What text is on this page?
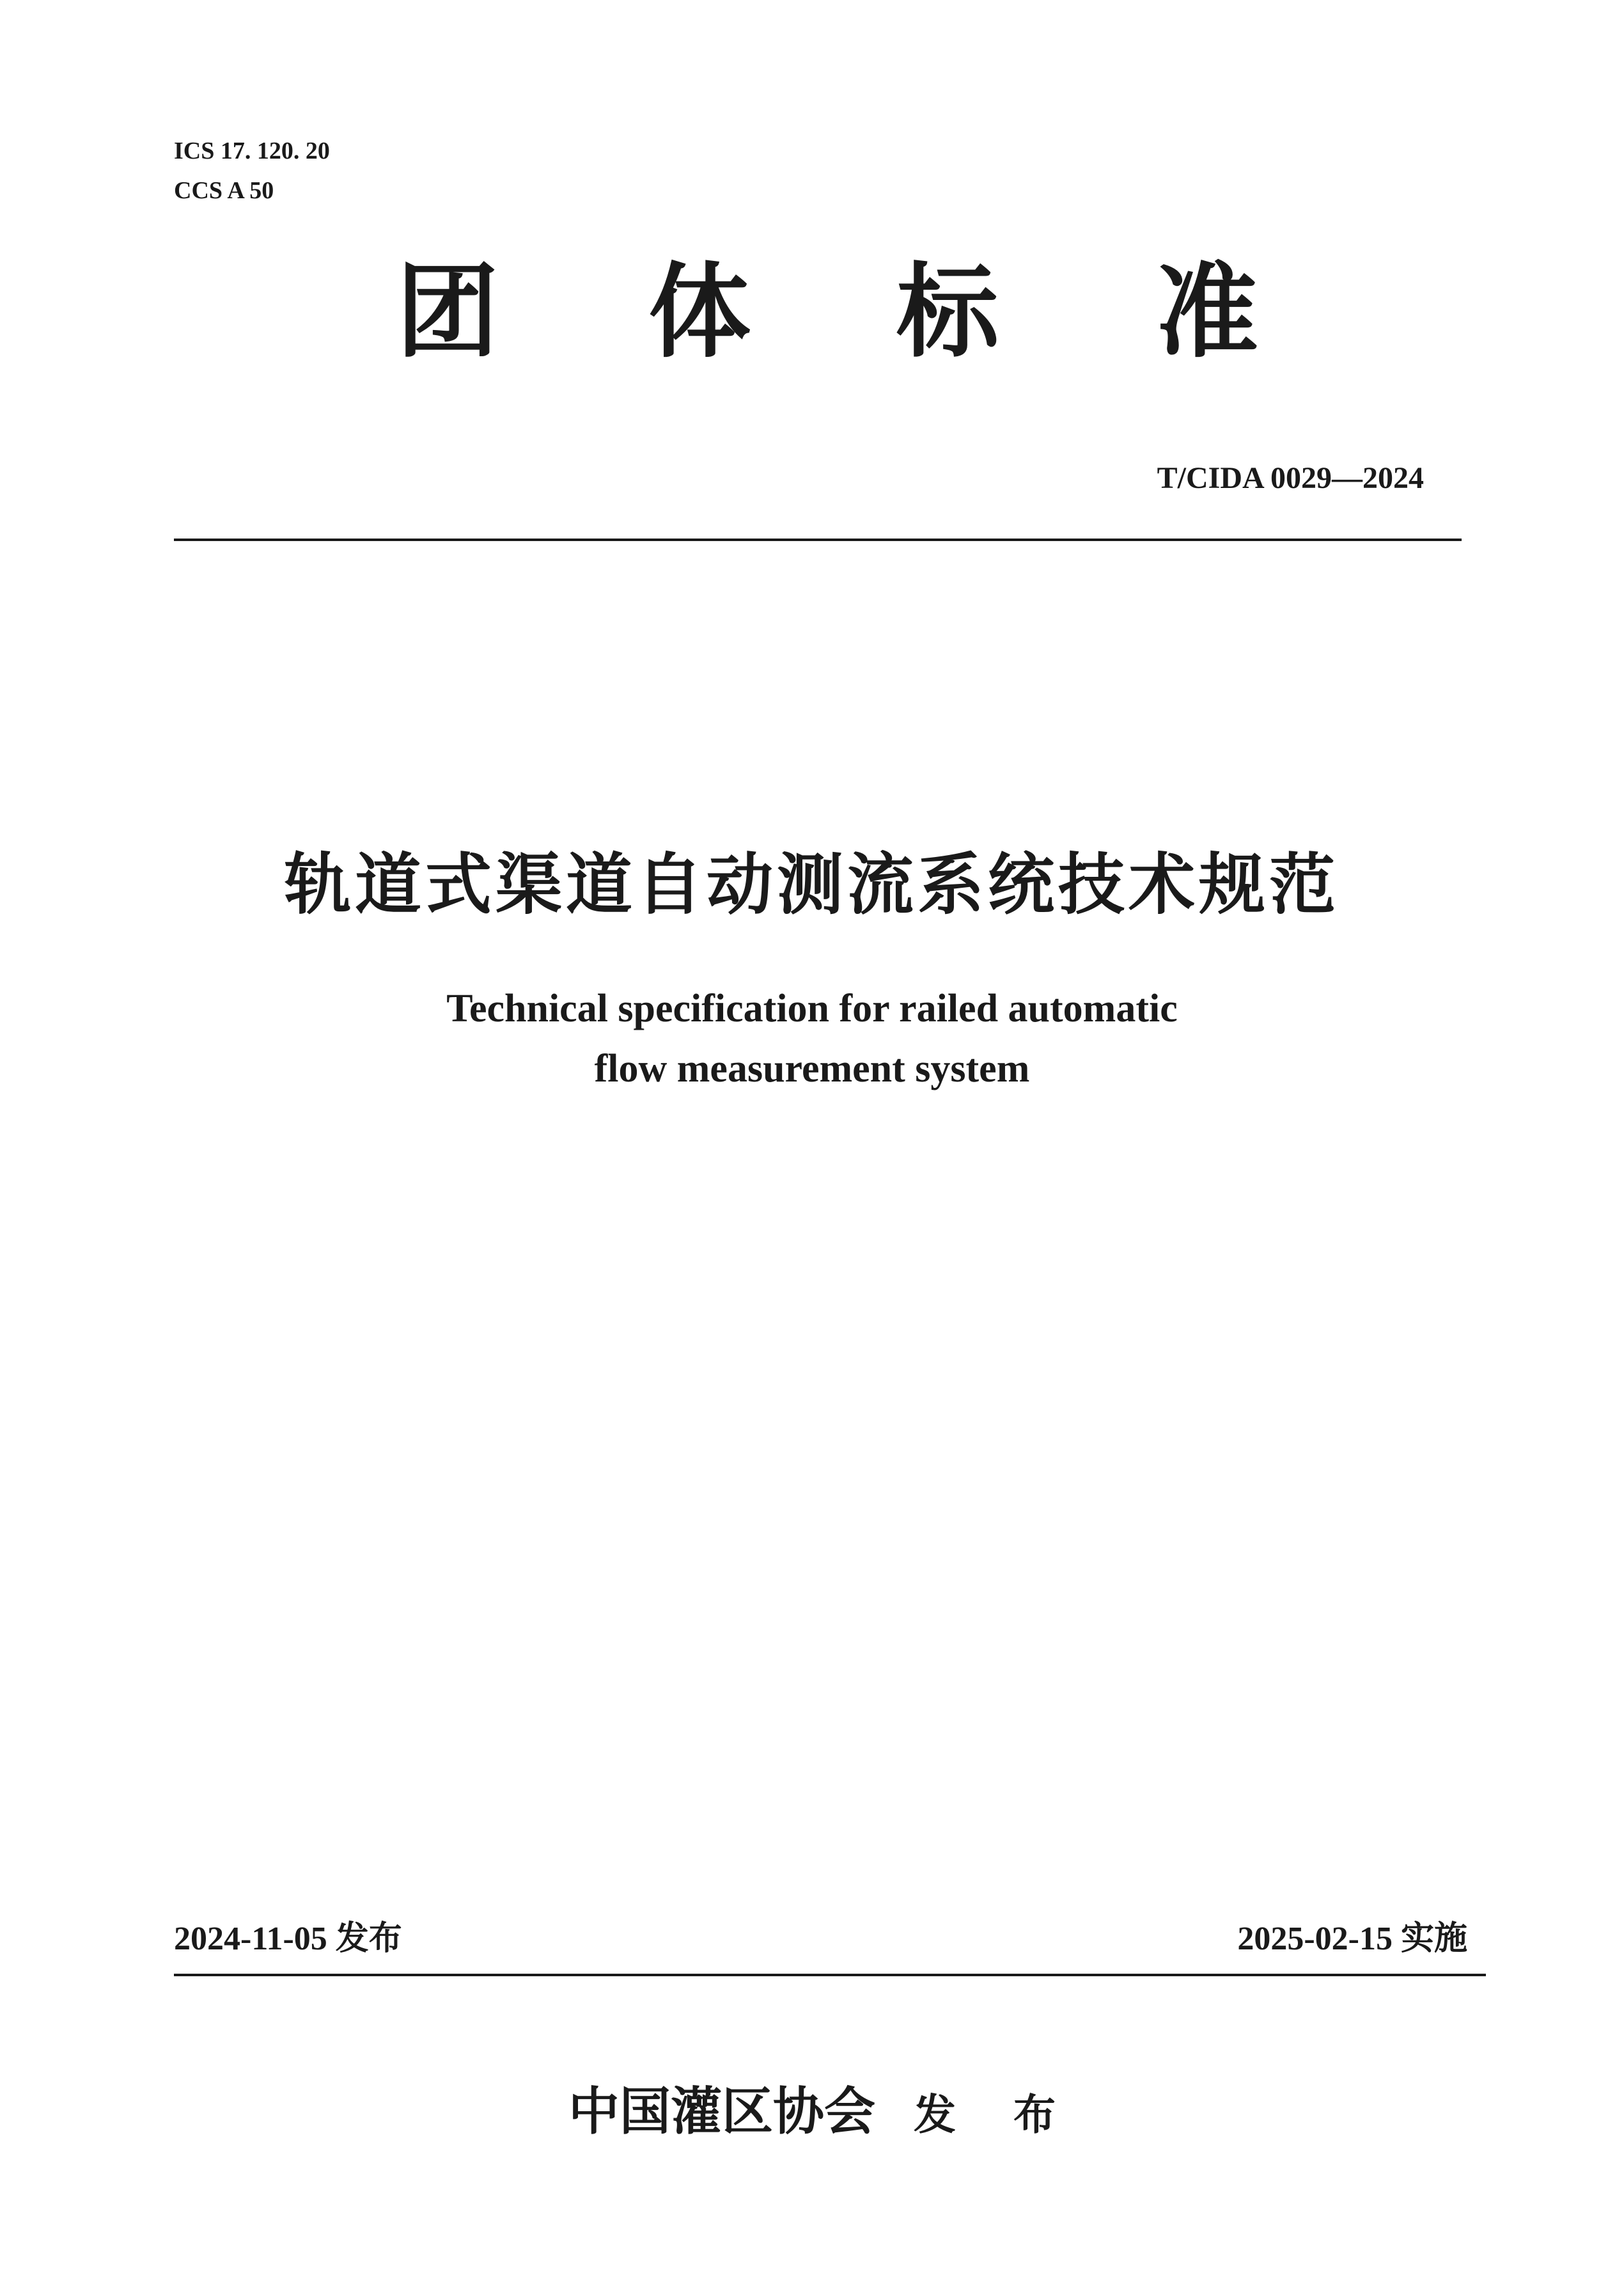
ICS 17. 120. 20
CCS A 50
团 体 标 准
T/CIDA 0029—2024
轨道式渠道自动测流系统技术规范
Technical specification for railed automatic
flow measurement system
2024-11-05 发布	2025-02-15 实施
中国灌区协会 发 布
